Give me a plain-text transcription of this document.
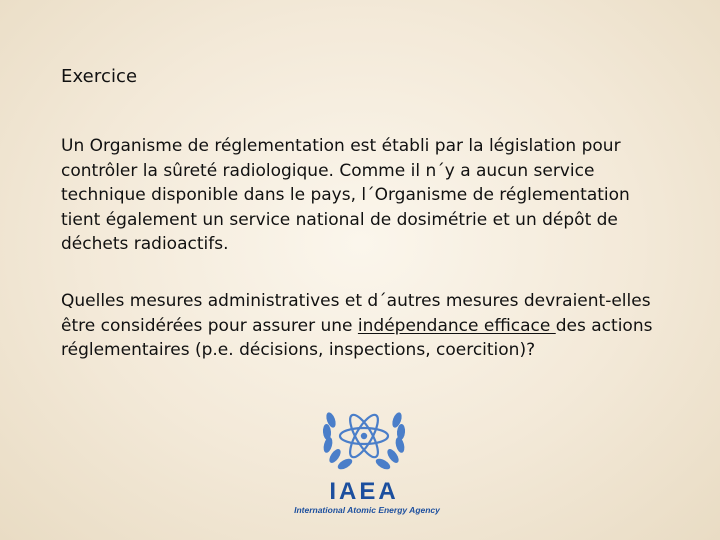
Exercice

Un Organisme de réglementation est établi par la législation pour contrôler la sûreté radiologique. Comme il n´y a aucun service technique disponible dans le pays, l´Organisme de réglementation tient également un service national de dosimétrie et un dépôt de déchets radioactifs.

Quelles mesures administratives et d´autres mesures devraient-elles être considérées pour assurer une indépendance efficace des actions réglementaires (p.e. décisions, inspections, coercition)?

IAEA
International Atomic Energy Agency
